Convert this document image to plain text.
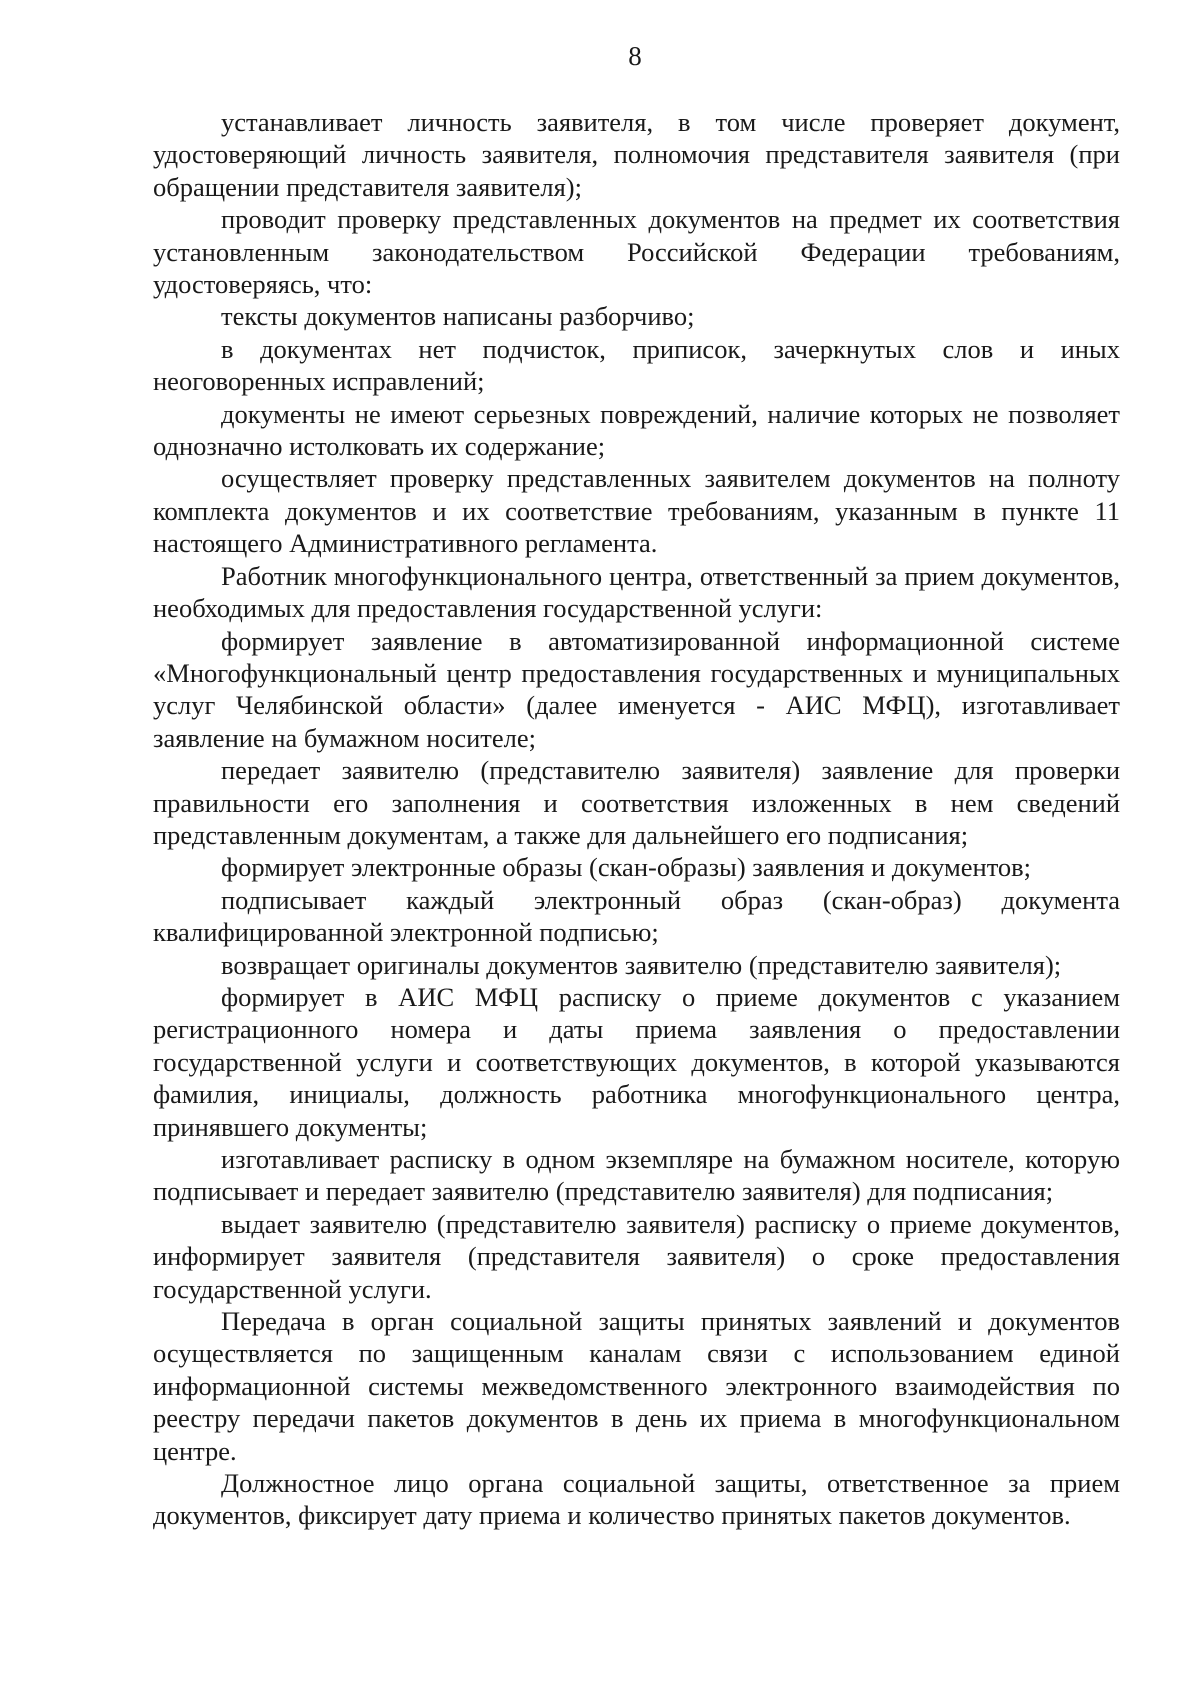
8

устанавливает личность заявителя, в том числе проверяет документ, удостоверяющий личность заявителя, полномочия представителя заявителя (при обращении представителя заявителя);

проводит проверку представленных документов на предмет их соответствия установленным законодательством Российской Федерации требованиям, удостоверяясь, что:

тексты документов написаны разборчиво;

в документах нет подчисток, приписок, зачеркнутых слов и иных неоговоренных исправлений;

документы не имеют серьезных повреждений, наличие которых не позволяет однозначно истолковать их содержание;

осуществляет проверку представленных заявителем документов на полноту комплекта документов и их соответствие требованиям, указанным в пункте 11 настоящего Административного регламента.

Работник многофункционального центра, ответственный за прием документов, необходимых для предоставления государственной услуги:

формирует заявление в автоматизированной информационной системе «Многофункциональный центр предоставления государственных и муниципальных услуг Челябинской области» (далее именуется - АИС МФЦ), изготавливает заявление на бумажном носителе;

передает заявителю (представителю заявителя) заявление для проверки правильности его заполнения и соответствия изложенных в нем сведений представленным документам, а также для дальнейшего его подписания;

формирует электронные образы (скан-образы) заявления и документов;

подписывает каждый электронный образ (скан-образ) документа квалифицированной электронной подписью;

возвращает оригиналы документов заявителю (представителю заявителя);

формирует в АИС МФЦ расписку о приеме документов с указанием регистрационного номера и даты приема заявления о предоставлении государственной услуги и соответствующих документов, в которой указываются фамилия, инициалы, должность работника многофункционального центра, принявшего документы;

изготавливает расписку в одном экземпляре на бумажном носителе, которую подписывает и передает заявителю (представителю заявителя) для подписания;

выдает заявителю (представителю заявителя) расписку о приеме документов, информирует заявителя (представителя заявителя) о сроке предоставления государственной услуги.

Передача в орган социальной защиты принятых заявлений и документов осуществляется по защищенным каналам связи с использованием единой информационной системы межведомственного электронного взаимодействия по реестру передачи пакетов документов в день их приема в многофункциональном центре.

Должностное лицо органа социальной защиты, ответственное за прием документов, фиксирует дату приема и количество принятых пакетов документов.
